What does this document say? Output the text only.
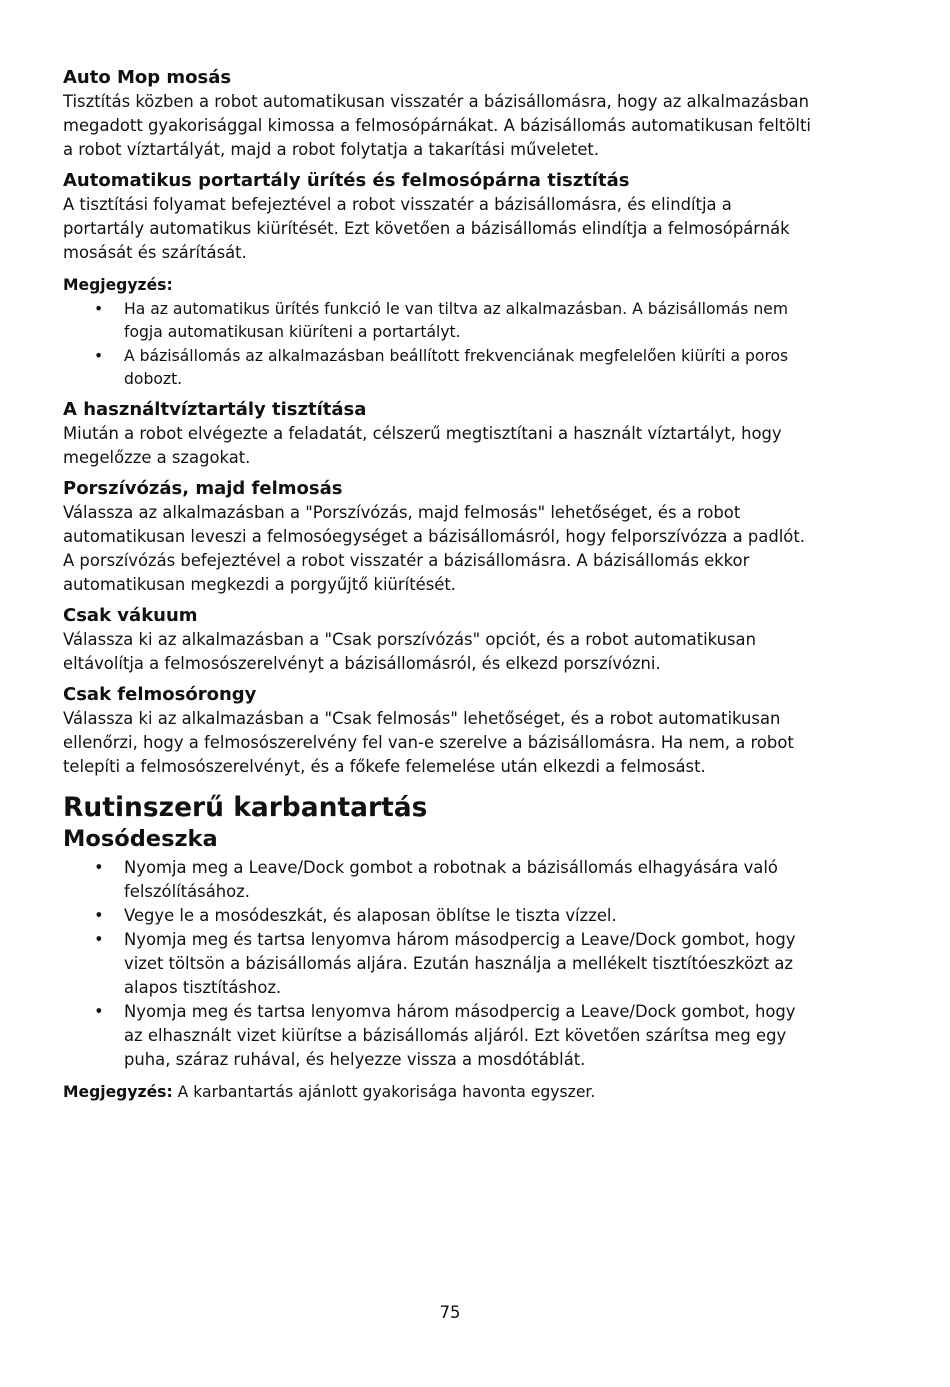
Auto Mop mosás

Tisztítás közben a robot automatikusan visszatér a bázisállomásra, hogy az alkalmazásban

megadott gyakorisággal kimossa a felmosópárnákat. A bázisállomás automatikusan feltölti

a robot víztartályát, majd a robot folytatja a takarítási műveletet.

Automatikus portartály ürítés és felmosópárna tisztítás

A tisztítási folyamat befejeztével a robot visszatér a bázisállomásra, és elindítja a

portartály automatikus kiürítését. Ezt követően a bázisállomás elindítja a felmosópárnák

mosását és szárítását.

Megjegyzés:

• Ha az automatikus ürítés funkció le van tiltva az alkalmazásban. A bázisállomás nem
fogja automatikusan kiüríteni a portartályt.
• A bázisállomás az alkalmazásban beállított frekvenciának megfelelően kiüríti a poros
dobozt.

A használtvíztartály tisztítása

Miután a robot elvégezte a feladatát, célszerű megtisztítani a használt víztartályt, hogy

megelőzze a szagokat.

Porszívózás, majd felmosás

Válassza az alkalmazásban a "Porszívózás, majd felmosás" lehetőséget, és a robot

automatikusan leveszi a felmosóegységet a bázisállomásról, hogy felporszívózza a padlót.

A porszívózás befejeztével a robot visszatér a bázisállomásra. A bázisállomás ekkor

automatikusan megkezdi a porgyűjtő kiürítését.

Csak vákuum

Válassza ki az alkalmazásban a "Csak porszívózás" opciót, és a robot automatikusan

eltávolítja a felmosószerelvényt a bázisállomásról, és elkezd porszívózni.

Csak felmosórongy

Válassza ki az alkalmazásban a "Csak felmosás" lehetőséget, és a robot automatikusan

ellenőrzi, hogy a felmosószerelvény fel van-e szerelve a bázisállomásra. Ha nem, a robot

telepíti a felmosószerelvényt, és a főkefe felemelése után elkezdi a felmosást.

Rutinszerű karbantartás

Mosódeszka

• Nyomja meg a Leave/Dock gombot a robotnak a bázisállomás elhagyására való
felszólításához.
• Vegye le a mosódeszkát, és alaposan öblítse le tiszta vízzel.
• Nyomja meg és tartsa lenyomva három másodpercig a Leave/Dock gombot, hogy
vizet töltsön a bázisállomás aljára. Ezután használja a mellékelt tisztítóeszközt az
alapos tisztításhoz.
• Nyomja meg és tartsa lenyomva három másodpercig a Leave/Dock gombot, hogy
az elhasznált vizet kiürítse a bázisállomás aljáról. Ezt követően szárítsa meg egy
puha, száraz ruhával, és helyezze vissza a mosdótáblát.

Megjegyzés: A karbantartás ajánlott gyakorisága havonta egyszer.

75
